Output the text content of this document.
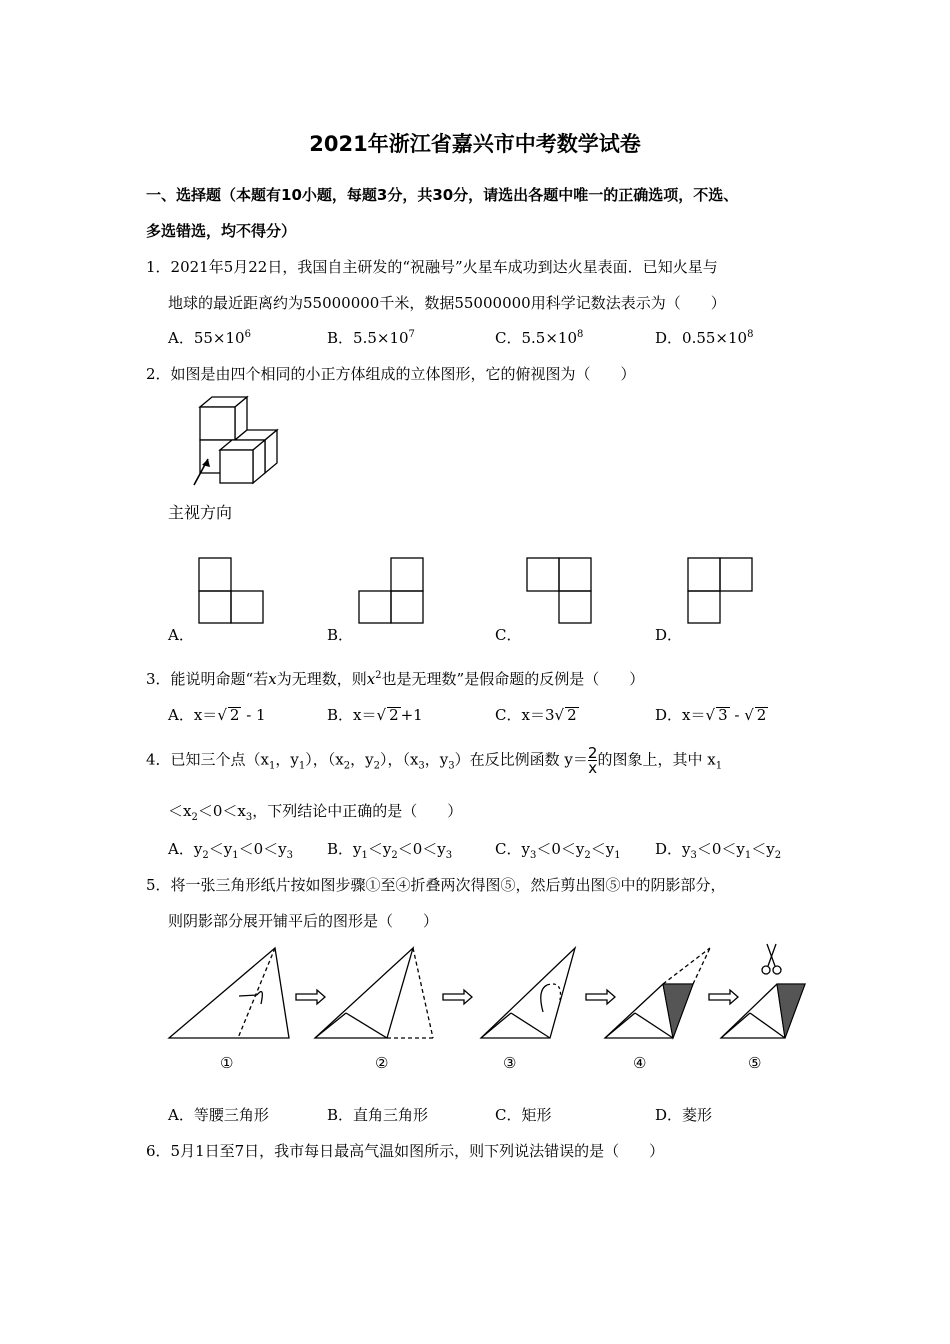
2021年浙江省嘉兴市中考数学试卷
一、选择题（本题有10小题，每题3分，共30分，请选出各题中唯一的正确选项，不选、
多选错选，均不得分）
1．2021年5月22日，我国自主研发的“祝融号”火星车成功到达火星表面．已知火星与
地球的最近距离约为55000000千米，数据55000000用科学记数法表示为（　　）
A．$55\times 10^6$	B．$5.5\times 10^7$	C．$5.5\times 10^8$	D．$0.55\times 10^8$
2．如图是由四个相同的小正方体组成的立体图形，它的俯视图为（　　）
主视方向
A．	B．	C．	D．
3．能说明命题“若x为无理数，则$x^2$也是无理数”是假命题的反例是（　　）
A．x＝√ 2 - 1	B．x＝√ 2 +1	C．x＝3√ 2	D．x＝√ 3 - √ 2
4．已知三个点（$x_1$，$y_1$），（$x_2$，$y_2$），（$x_3$，$y_3$）在反比例函数 $y= \frac{2}{x}$ 的图象上，其中 $x_1$
$<x_2<0<x_3$，下列结论中正确的是（　　）
A．$y_2<y_1<0<y_3$ B．$y_1<y_2<0<y_3$	C．$y_3<0<y_2<y_1$ D．$y_3<0<y_1<y_2$
5．将一张三角形纸片按如图步骤①至④折叠两次得图⑤，然后剪出图⑤中的阴影部分，
则阴影部分展开铺平后的图形是（　　）
①	②	③	④	⑤
A．等腰三角形	B．直角三角形	C．矩形	D．菱形
6．5月1日至7日，我市每日最高气温如图所示，则下列说法错误的是（　　）
